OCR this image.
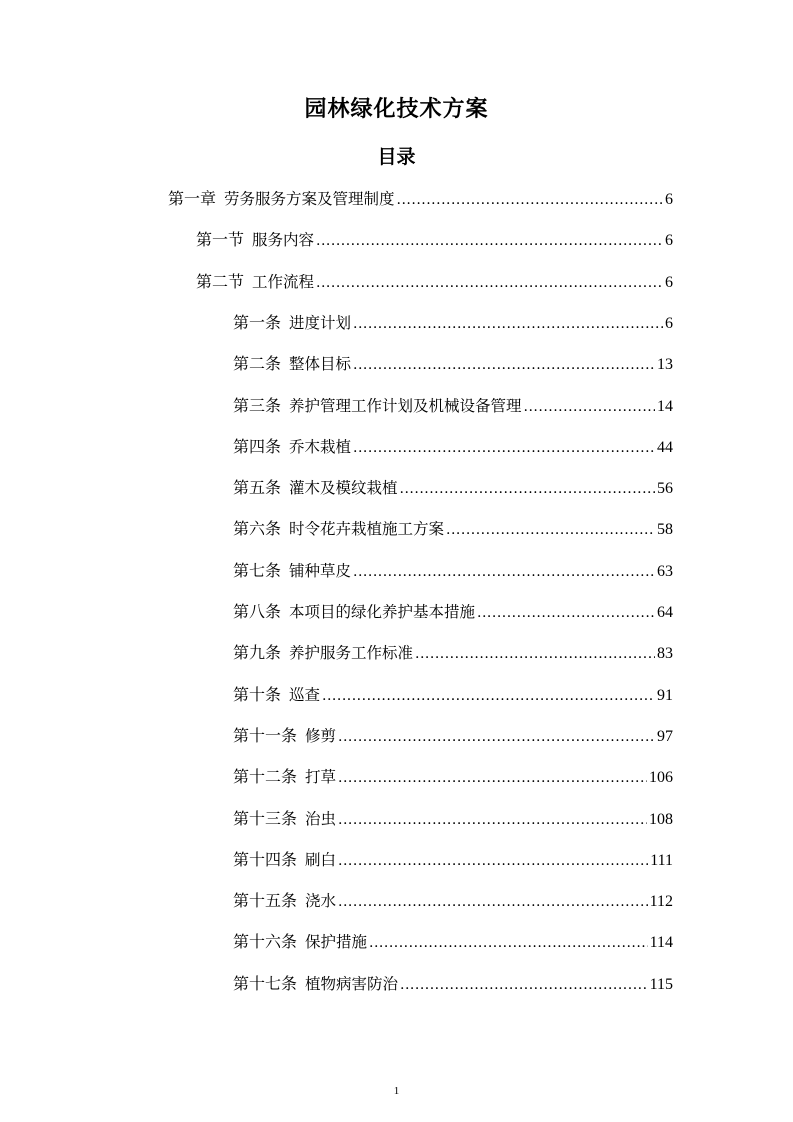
园林绿化技术方案
目录
第一章 劳务服务方案及管理制度 .....	6
第一节 服务内容 .....	6
第二节 工作流程 .....	6
第一条 进度计划 .....	6
第二条 整体目标 .....	13
第三条 养护管理工作计划及机械设备管理 .....	14
第四条 乔木栽植 .....	44
第五条 灌木及模纹栽植 .....	56
第六条 时令花卉栽植施工方案 .....	58
第七条 铺种草皮 .....	63
第八条 本项目的绿化养护基本措施 .....	64
第九条 养护服务工作标准 .....	83
第十条 巡查 .....	91
第十一条 修剪 .....	97
第十二条 打草 .....	106
第十三条 治虫 .....	108
第十四条 刷白 .....	111
第十五条 浇水 .....	112
第十六条 保护措施 .....	114
第十七条 植物病害防治 .....	115
1
